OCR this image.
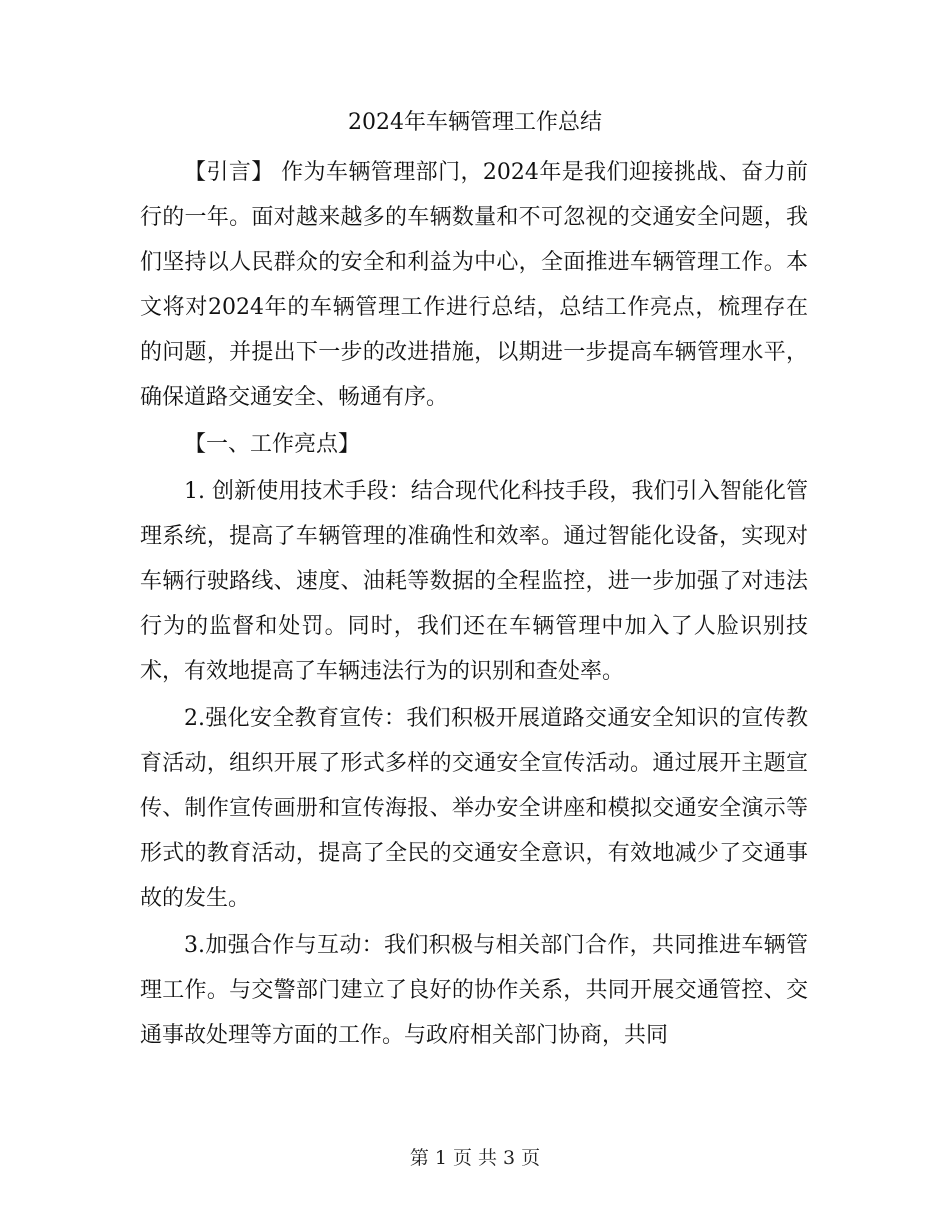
2024年车辆管理工作总结

【引言】 作为车辆管理部门，2024年是我们迎接挑战、奋力前行的一年。面对越来越多的车辆数量和不可忽视的交通安全问题，我们坚持以人民群众的安全和利益为中心，全面推进车辆管理工作。本文将对2024年的车辆管理工作进行总结，总结工作亮点，梳理存在的问题，并提出下一步的改进措施，以期进一步提高车辆管理水平，确保道路交通安全、畅通有序。

【一、工作亮点】

1. 创新使用技术手段：结合现代化科技手段，我们引入智能化管理系统，提高了车辆管理的准确性和效率。通过智能化设备，实现对车辆行驶路线、速度、油耗等数据的全程监控，进一步加强了对违法行为的监督和处罚。同时，我们还在车辆管理中加入了人脸识别技术，有效地提高了车辆违法行为的识别和查处率。

2.强化安全教育宣传：我们积极开展道路交通安全知识的宣传教育活动，组织开展了形式多样的交通安全宣传活动。通过展开主题宣传、制作宣传画册和宣传海报、举办安全讲座和模拟交通安全演示等形式的教育活动，提高了全民的交通安全意识，有效地减少了交通事故的发生。

3.加强合作与互动：我们积极与相关部门合作，共同推进车辆管理工作。与交警部门建立了良好的协作关系，共同开展交通管控、交通事故处理等方面的工作。与政府相关部门协商，共同

第 1 页 共 3 页
